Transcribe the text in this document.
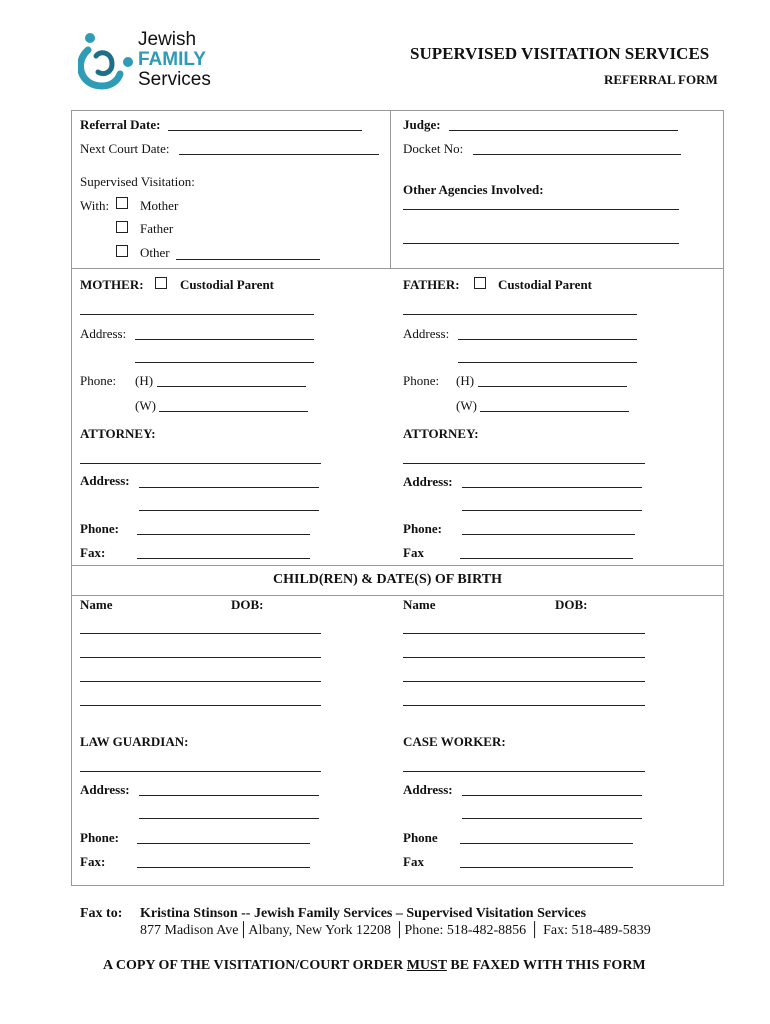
Jewish
FAMILY
Services
SUPERVISED VISITATION SERVICES
REFERRAL FORM
Referral Date:	Judge:
Next Court Date:	Docket No:
Supervised Visitation:
With: Mother
Father
Other
Other Agencies Involved:
MOTHER:	Custodial Parent
Address:
Phone: (H)
(W)
ATTORNEY:
Address:
Phone:
Fax:
FATHER:	Custodial Parent
Address:
Phone: (H)
(W)
ATTORNEY:
Address:
Phone:
Fax
CHILD(REN) & DATE(S) OF BIRTH
Name	DOB:	Name	DOB:
LAW GUARDIAN:
Address:
Phone:
Fax:
CASE WORKER:
Address:
Phone
Fax
Fax to: Kristina Stinson -- Jewish Family Services – Supervised Visitation Services
877 Madison Ave│Albany, New York 12208 │Phone: 518-482-8856 │ Fax: 518-489-5839
A COPY OF THE VISITATION/COURT ORDER MUST BE FAXED WITH THIS FORM
